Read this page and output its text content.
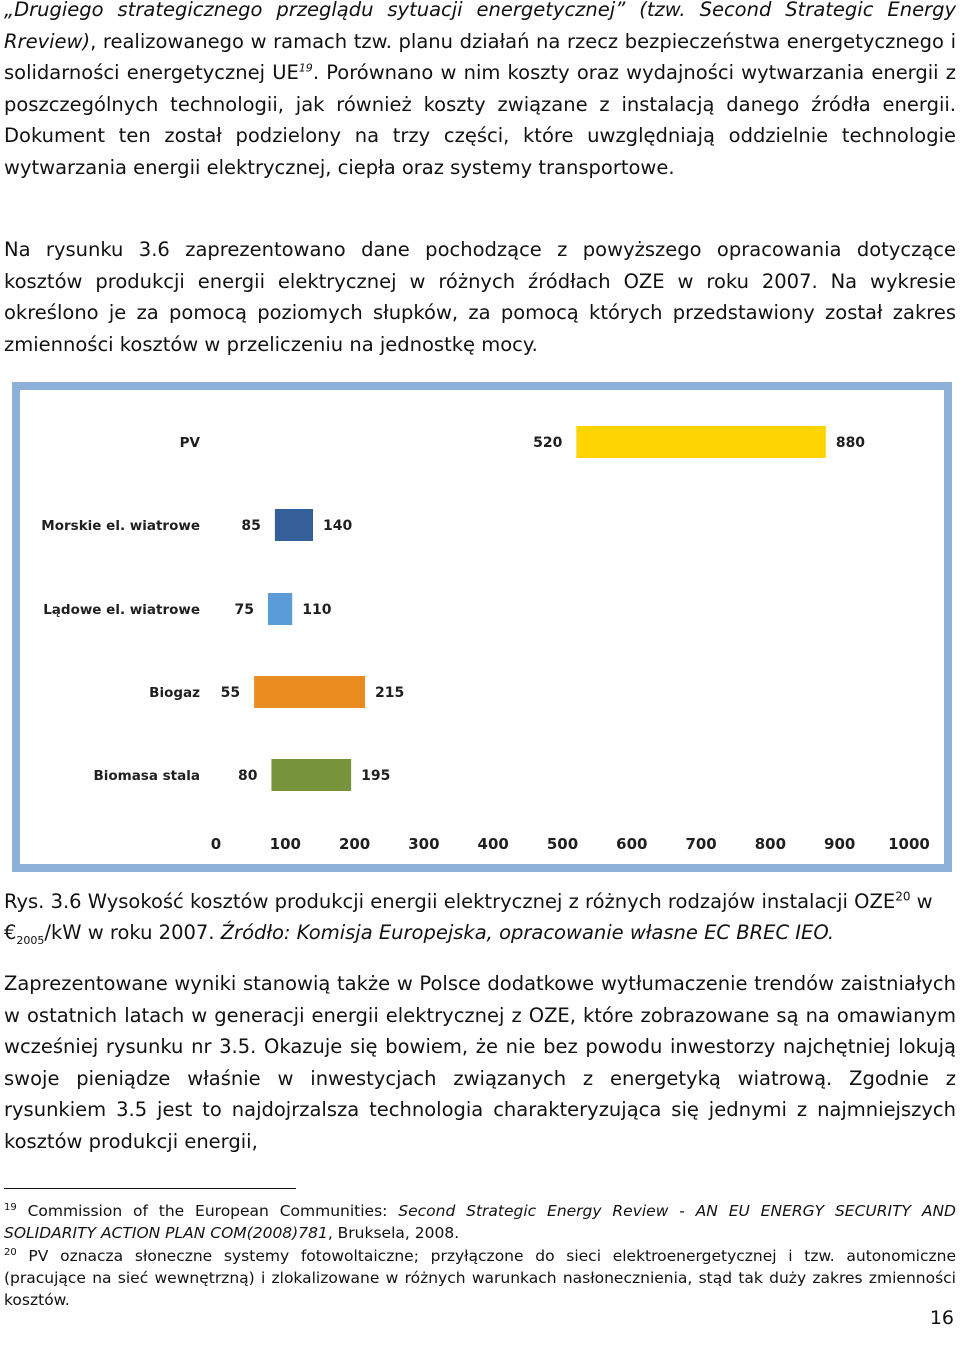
„Drugiego strategicznego przeglądu sytuacji energetycznej” (tzw. Second Strategic Energy Rreview), realizowanego w ramach tzw. planu działań na rzecz bezpieczeństwa energetycznego i solidarności energetycznej UE$^{19}$. Porównano w nim koszty oraz wydajności wytwarzania energii z poszczególnych technologii, jak również koszty związane z instalacją danego źródła energii. Dokument ten został podzielony na trzy części, które uwzględniają oddzielnie technologie wytwarzania energii elektrycznej, ciepła oraz systemy transportowe.

Na rysunku 3.6 zaprezentowano dane pochodzące z powyższego opracowania dotyczące kosztów produkcji energii elektrycznej w różnych źródłach OZE w roku 2007. Na wykresie określono je za pomocą poziomych słupków, za pomocą których przedstawiony został zakres zmienności kosztów w przeliczeniu na jednostkę mocy.

PV	520	880
Morskie el. wiatrowe	85	140
Lądowe el. wiatrowe 75	110
Biogaz 55	215
Biomasa stala	80	195
0	100	200	300	400	500	600	700	800	900 1000

Rys. 3.6 Wysokość kosztów produkcji energii elektrycznej z różnych rodzajów instalacji OZE$^{20}$ w $€_{2005}/kW$ w roku 2007. Źródło: Komisja Europejska, opracowanie własne EC BREC IEO.

Zaprezentowane wyniki stanowią także w Polsce dodatkowe wytłumaczenie trendów zaistniałych w ostatnich latach w generacji energii elektrycznej z OZE, które zobrazowane są na omawianym wcześniej rysunku nr 3.5. Okazuje się bowiem, że nie bez powodu inwestorzy najchętniej lokują swoje pieniądze właśnie w inwestycjach związanych z energetyką wiatrową. Zgodnie z rysunkiem 3.5 jest to najdojrzalsza technologia charakteryzująca się jednymi z najmniejszych kosztów produkcji energii,

$^{19}$ Commission of the European Communities: Second Strategic Energy Review - AN EU ENERGY SECURITY AND SOLIDARITY ACTION PLAN COM(2008)781, Bruksela, 2008.

$^{20}$ PV oznacza słoneczne systemy fotowoltaiczne; przyłączone do sieci elektroenergetycznej i tzw. autonomiczne (pracujące na sieć wewnętrzną) i zlokalizowane w różnych warunkach nasłonecznienia, stąd tak duży zakres zmienności kosztów.

16
